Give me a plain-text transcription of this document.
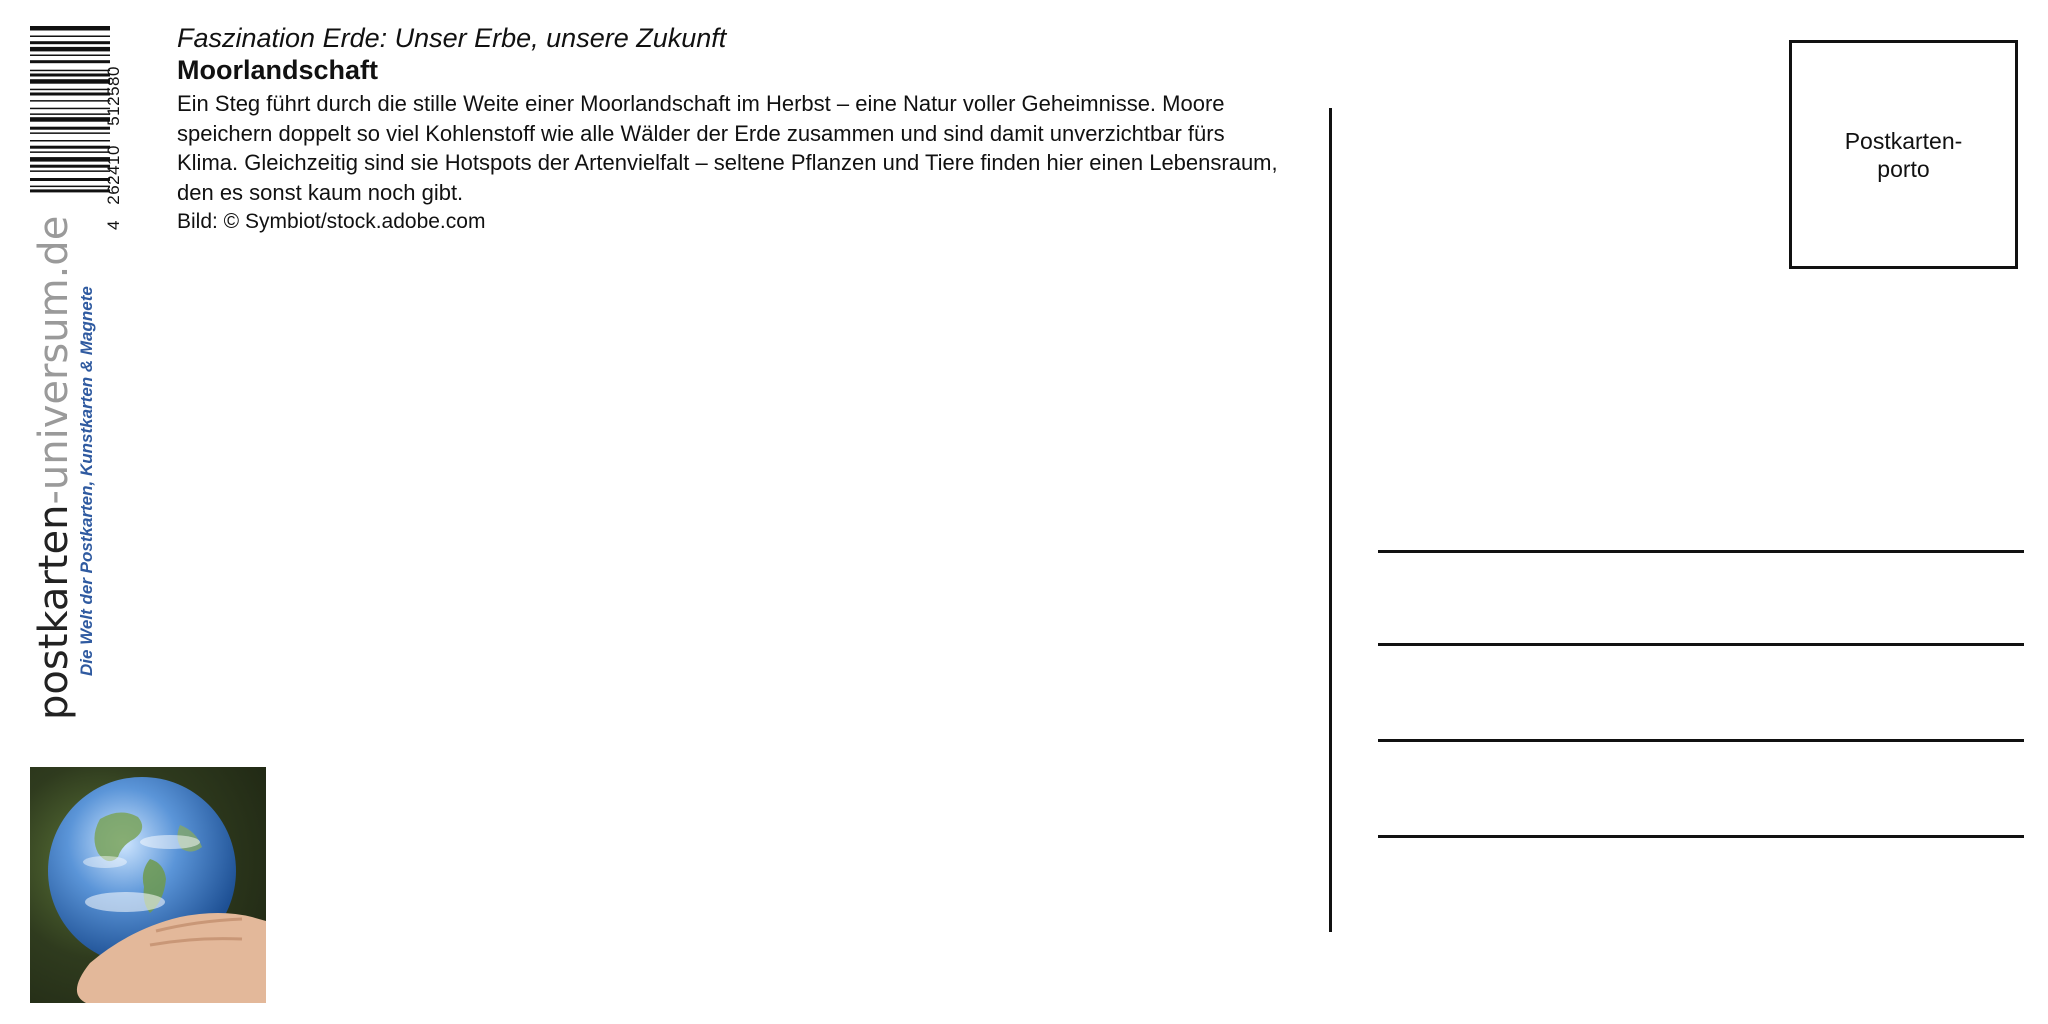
4 262410 512580
postkarten-universum.de Die Welt der Postkarten, Kunstkarten & Magnete
Faszination Erde: Unser Erbe, unsere Zukunft
Moorlandschaft
Ein Steg führt durch die stille Weite einer Moorlandschaft im Herbst – eine Natur voller Geheimnisse. Moore speichern doppelt so viel Kohlenstoff wie alle Wälder der Erde zusammen und sind damit unverzichtbar fürs Klima. Gleichzeitig sind sie Hotspots der Artenvielfalt – seltene Pflanzen und Tiere finden hier einen Lebensraum, den es sonst kaum noch gibt.
Bild: © Symbiot/stock.adobe.com
Postkarten-porto
